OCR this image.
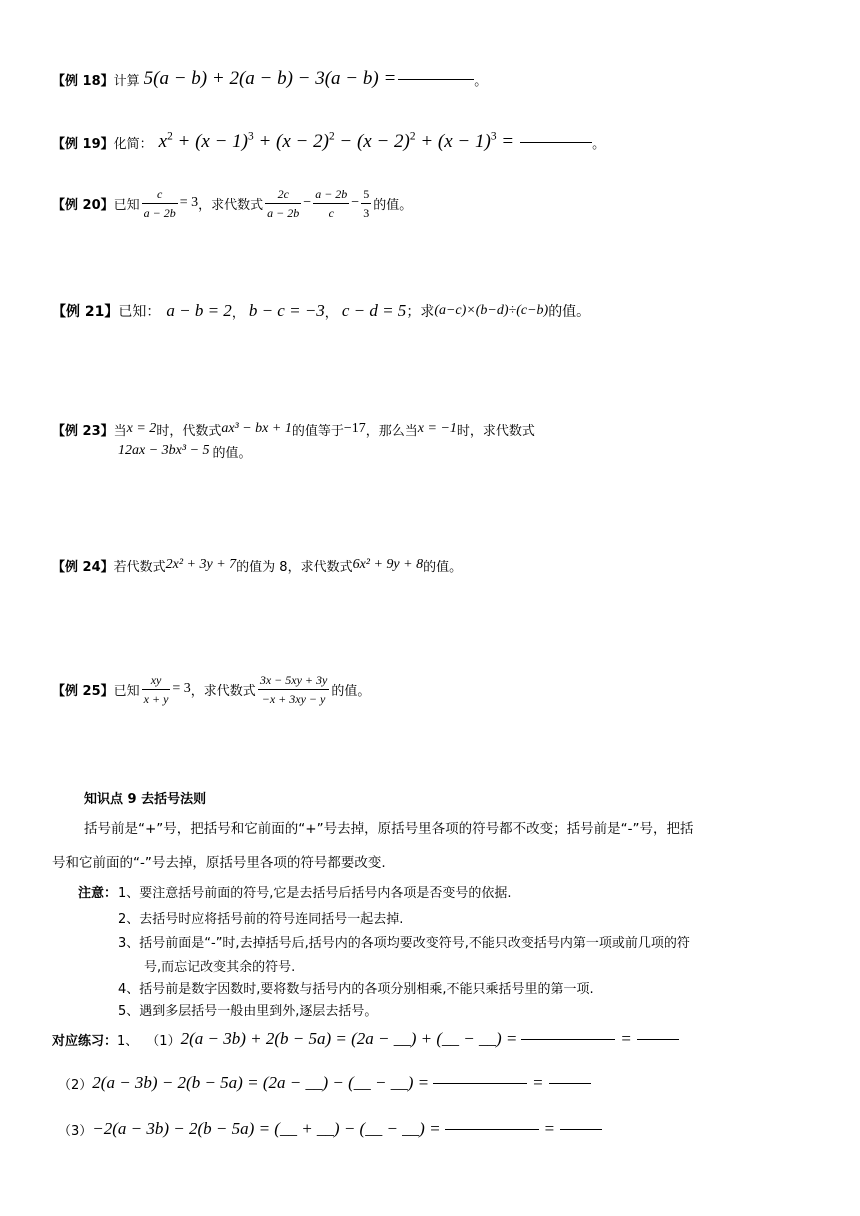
【例 18】 计算 5(a − b) + 2(a − b) − 3(a − b) =	。
【例 19】 化简： $x^2 + (x - 1)^3 + (x - 2)^2 - (x - 2)^2 + (x - 1)^3$ =	。
【例 20】 已知 $\frac{c}{a - 2b} = 3$ ，求代数式 $\frac{2c}{a - 2b} - \frac{a - 2b}{c} - \frac{5}{3}$ 的值。
【例 21】 已知： a − b = 2 ， b − c = −3 ， c − d = 5 ；求 (a−c)×(b−d)÷(c−b) 的值。
【例 23】 当 x = 2 时，代数式 ax³ − bx + 1 的值等于 −17 ，那么当 x = −1 时，求代数式
12ax − 3bx³ − 5 的值。
【例 24】 若代数式 2x² + 3y + 7 的值为 8，求代数式 6x² + 9y + 8 的值。
【例 25】 已知 $\frac{xy}{x + y} = 3$ ，求代数式 $\frac{3x - 5xy + 3y}{-x + 3xy - y}$ 的值。
知识点 9 去括号法则
括号前是“+”号，把括号和它前面的“+”号去掉，原括号里各项的符号都不改变；括号前是“-”号，把括
号和它前面的“-”号去掉，原括号里各项的符号都要改变.
注意： 1、要注意括号前面的符号,它是去括号后括号内各项是否变号的依据.
2、去括号时应将括号前的符号连同括号一起去掉.
3、括号前面是“-”时,去掉括号后,括号内的各项均要改变符号,不能只改变括号内第一项或前几项的符
号,而忘记改变其余的符号.
4、括号前是数字因数时,要将数与括号内的各项分别相乘,不能只乘括号里的第一项.
5、遇到多层括号一般由里到外,逐层去括号。
对应练习： 1、 （1） 2(a − 3b) + 2(b − 5a) = (2a − __) + (__ − __) =	=
（2） 2(a − 3b) − 2(b − 5a) = (2a − __) − (__ − __) =	=
（3） −2(a − 3b) − 2(b − 5a) = (__ + __) − (__ − __) =	=
